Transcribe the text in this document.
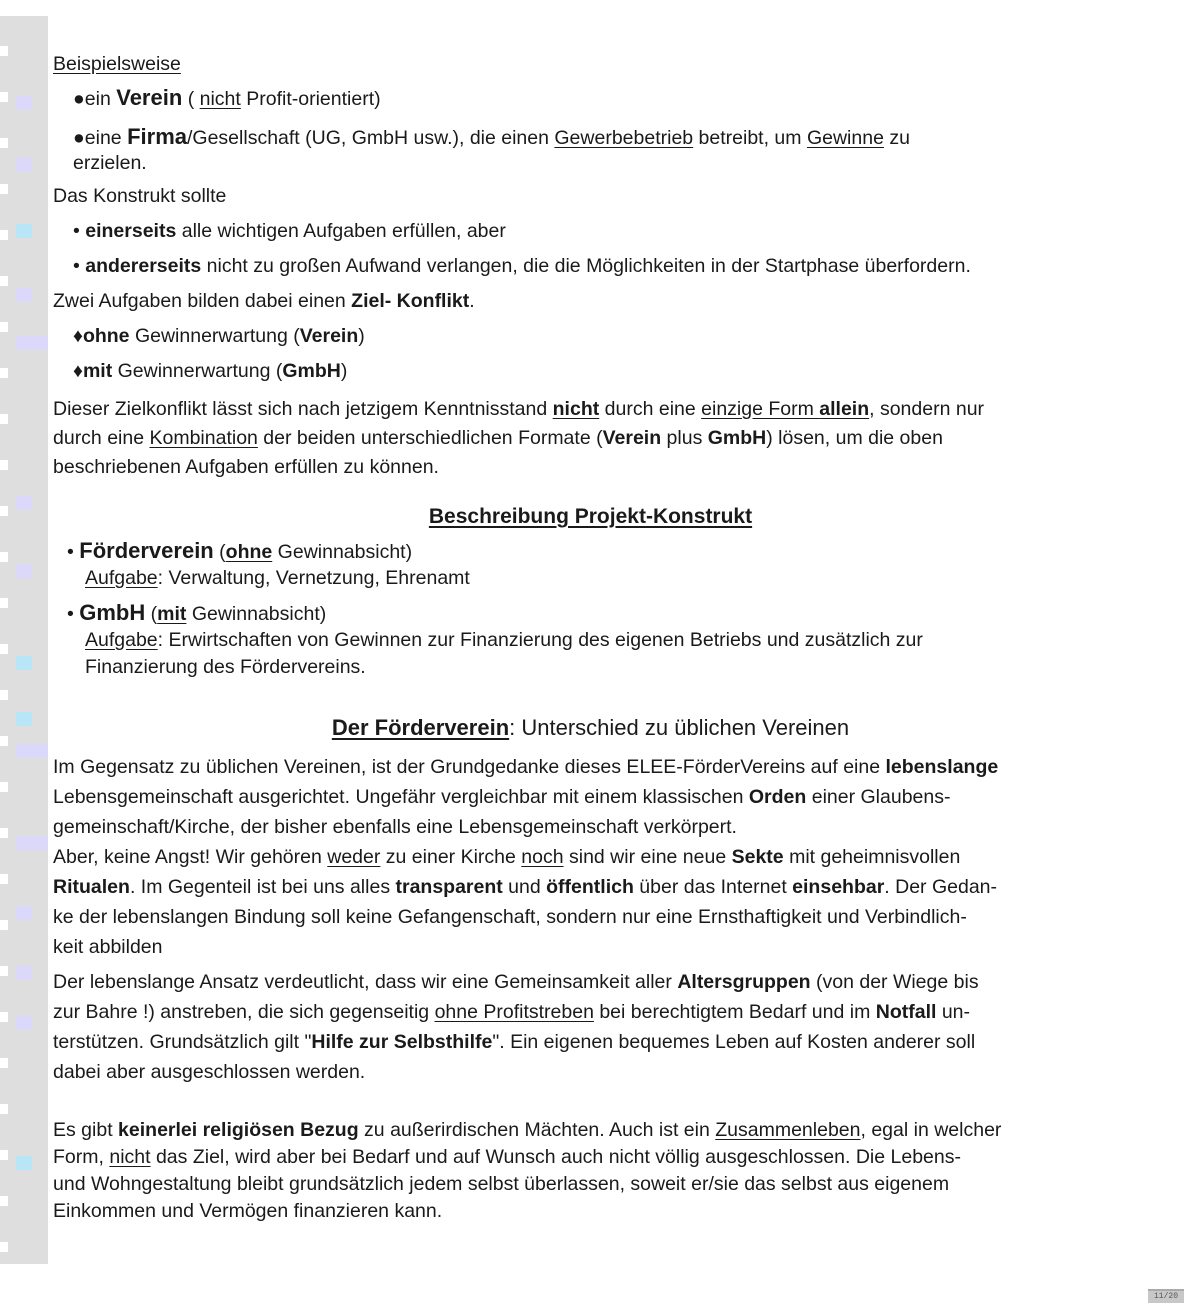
Beispielsweise
●ein Verein ( nicht Profit-orientiert)
●eine Firma/Gesellschaft (UG, GmbH usw.), die einen Gewerbebetrieb betreibt, um Gewinne zu
erzielen.
Das Konstrukt sollte
• einerseits alle wichtigen Aufgaben erfüllen, aber
• andererseits nicht zu großen Aufwand verlangen, die die Möglichkeiten in der Startphase überfordern.
Zwei Aufgaben bilden dabei einen Ziel- Konflikt.
♦ohne Gewinnerwartung (Verein)
♦mit Gewinnerwartung (GmbH)
Dieser Zielkonflikt lässt sich nach jetzigem Kenntnisstand nicht durch eine einzige Form allein, sondern nur
durch eine Kombination der beiden unterschiedlichen Formate (Verein plus GmbH) lösen, um die oben
beschriebenen Aufgaben erfüllen zu können.
Beschreibung Projekt-Konstrukt
• Förderverein (ohne Gewinnabsicht)
Aufgabe: Verwaltung, Vernetzung, Ehrenamt
• GmbH (mit Gewinnabsicht)
Aufgabe: Erwirtschaften von Gewinnen zur Finanzierung des eigenen Betriebs und zusätzlich zur
Finanzierung des Fördervereins.
Der Förderverein: Unterschied zu üblichen Vereinen
Im Gegensatz zu üblichen Vereinen, ist der Grundgedanke dieses ELEE-FörderVereins auf eine lebenslange
Lebensgemeinschaft ausgerichtet. Ungefähr vergleichbar mit einem klassischen Orden einer Glaubens-
gemeinschaft/Kirche, der bisher ebenfalls eine Lebensgemeinschaft verkörpert.
Aber, keine Angst! Wir gehören weder zu einer Kirche noch sind wir eine neue Sekte mit geheimnisvollen
Ritualen. Im Gegenteil ist bei uns alles transparent und öffentlich über das Internet einsehbar. Der Gedan-
ke der lebenslangen Bindung soll keine Gefangenschaft, sondern nur eine Ernsthaftigkeit und Verbindlich-
keit abbilden
Der lebenslange Ansatz verdeutlicht, dass wir eine Gemeinsamkeit aller Altersgruppen (von der Wiege bis
zur Bahre !) anstreben, die sich gegenseitig ohne Profitstreben bei berechtigtem Bedarf und im Notfall un-
terstützen. Grundsätzlich gilt "Hilfe zur Selbsthilfe". Ein eigenen bequemes Leben auf Kosten anderer soll
dabei aber ausgeschlossen werden.
Es gibt keinerlei religiösen Bezug zu außerirdischen Mächten. Auch ist ein Zusammenleben, egal in welcher
Form, nicht das Ziel, wird aber bei Bedarf und auf Wunsch auch nicht völlig ausgeschlossen. Die Lebens-
und Wohngestaltung bleibt grundsätzlich jedem selbst überlassen, soweit er/sie das selbst aus eigenem
Einkommen und Vermögen finanzieren kann.
11/20
